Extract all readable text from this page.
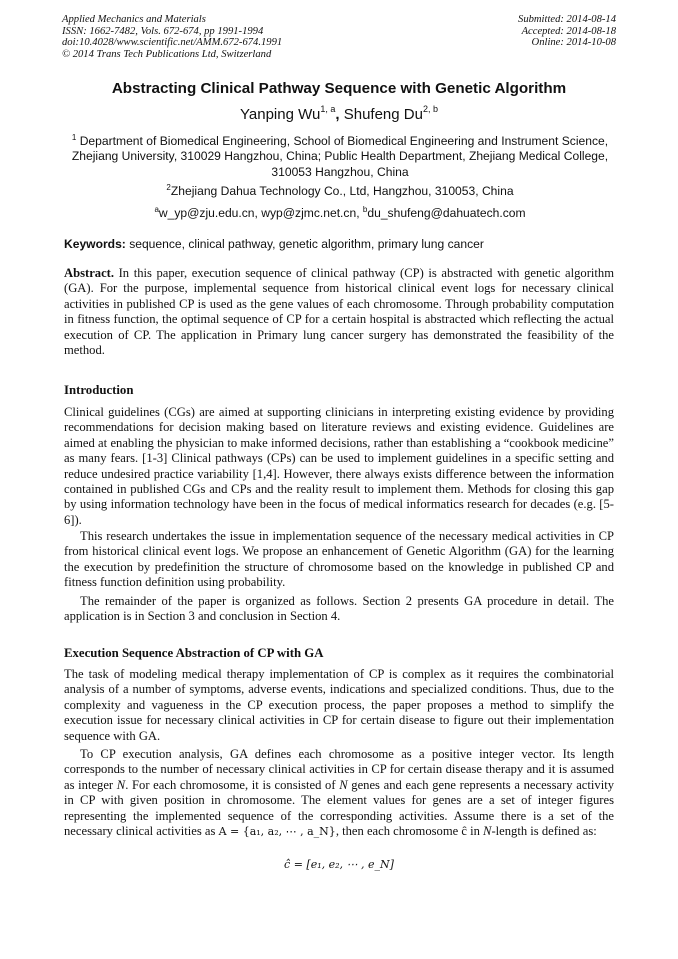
Applied Mechanics and Materials
ISSN: 1662-7482, Vols. 672-674, pp 1991-1994
doi:10.4028/www.scientific.net/AMM.672-674.1991
© 2014 Trans Tech Publications Ltd, Switzerland
Submitted: 2014-08-14
Accepted: 2014-08-18
Online: 2014-10-08
Abstracting Clinical Pathway Sequence with Genetic Algorithm
Yanping Wu$^{1, a}$, Shufeng Du$^{2, b}$
$^1$ Department of Biomedical Engineering, School of Biomedical Engineering and Instrument Science, Zhejiang University, 310029 Hangzhou, China; Public Health Department, Zhejiang Medical College, 310053 Hangzhou, China
$^2$Zhejiang Dahua Technology Co., Ltd, Hangzhou, 310053, China
$^a$w_yp@zju.edu.cn, wyp@zjmc.net.cn, $^b$du_shufeng@dahuatech.com
Keywords: sequence, clinical pathway, genetic algorithm, primary lung cancer
Abstract. In this paper, execution sequence of clinical pathway (CP) is abstracted with genetic algorithm (GA). For the purpose, implemental sequence from historical clinical event logs for necessary clinical activities in published CP is used as the gene values of each chromosome. Through probability computation in fitness function, the optimal sequence of CP for a certain hospital is abstracted which reflecting the actual execution of CP. The application in Primary lung cancer surgery has demonstrated the feasibility of the method.
Introduction
Clinical guidelines (CGs) are aimed at supporting clinicians in interpreting existing evidence by providing recommendations for decision making based on literature reviews and existing evidence. Guidelines are aimed at enabling the physician to make informed decisions, rather than establishing a “cookbook medicine” as many fears. [1-3] Clinical pathways (CPs) can be used to implement guidelines in a specific setting and reduce undesired practice variability [1,4]. However, there always exists difference between the information contained in published CGs and CPs and the reality result to implement them. Methods for closing this gap by using information technology have been in the focus of medical informatics research for decades (e.g. [5-6]).
This research undertakes the issue in implementation sequence of the necessary medical activities in CP from historical clinical event logs. We propose an enhancement of Genetic Algorithm (GA) for the learning the execution by predefinition the structure of chromosome based on the knowledge in published CP and fitness function definition using probability.
The remainder of the paper is organized as follows. Section 2 presents GA procedure in detail. The application is in Section 3 and conclusion in Section 4.
Execution Sequence Abstraction of CP with GA
The task of modeling medical therapy implementation of CP is complex as it requires the combinatorial analysis of a number of symptoms, adverse events, indications and specialized conditions. Thus, due to the complexity and vagueness in the CP execution process, the paper proposes a method to simplify the execution issue for necessary clinical activities in CP for certain disease to figure out their implementation sequence with GA.
To CP execution analysis, GA defines each chromosome as a positive integer vector. Its length corresponds to the number of necessary clinical activities in CP for certain disease therapy and it is assumed as integer N. For each chromosome, it is consisted of N genes and each gene represents a necessary activity in CP with given position in chromosome. The element values for genes are a set of integer figures representing the implemented sequence of the corresponding activities. Assume there is a set of the necessary clinical activities as A = {a₁, a₂, ⋯ , a_N}, then each chromosome ĉ in N-length is defined as:
ĉ = [e₁, e₂, ⋯ , e_N]
